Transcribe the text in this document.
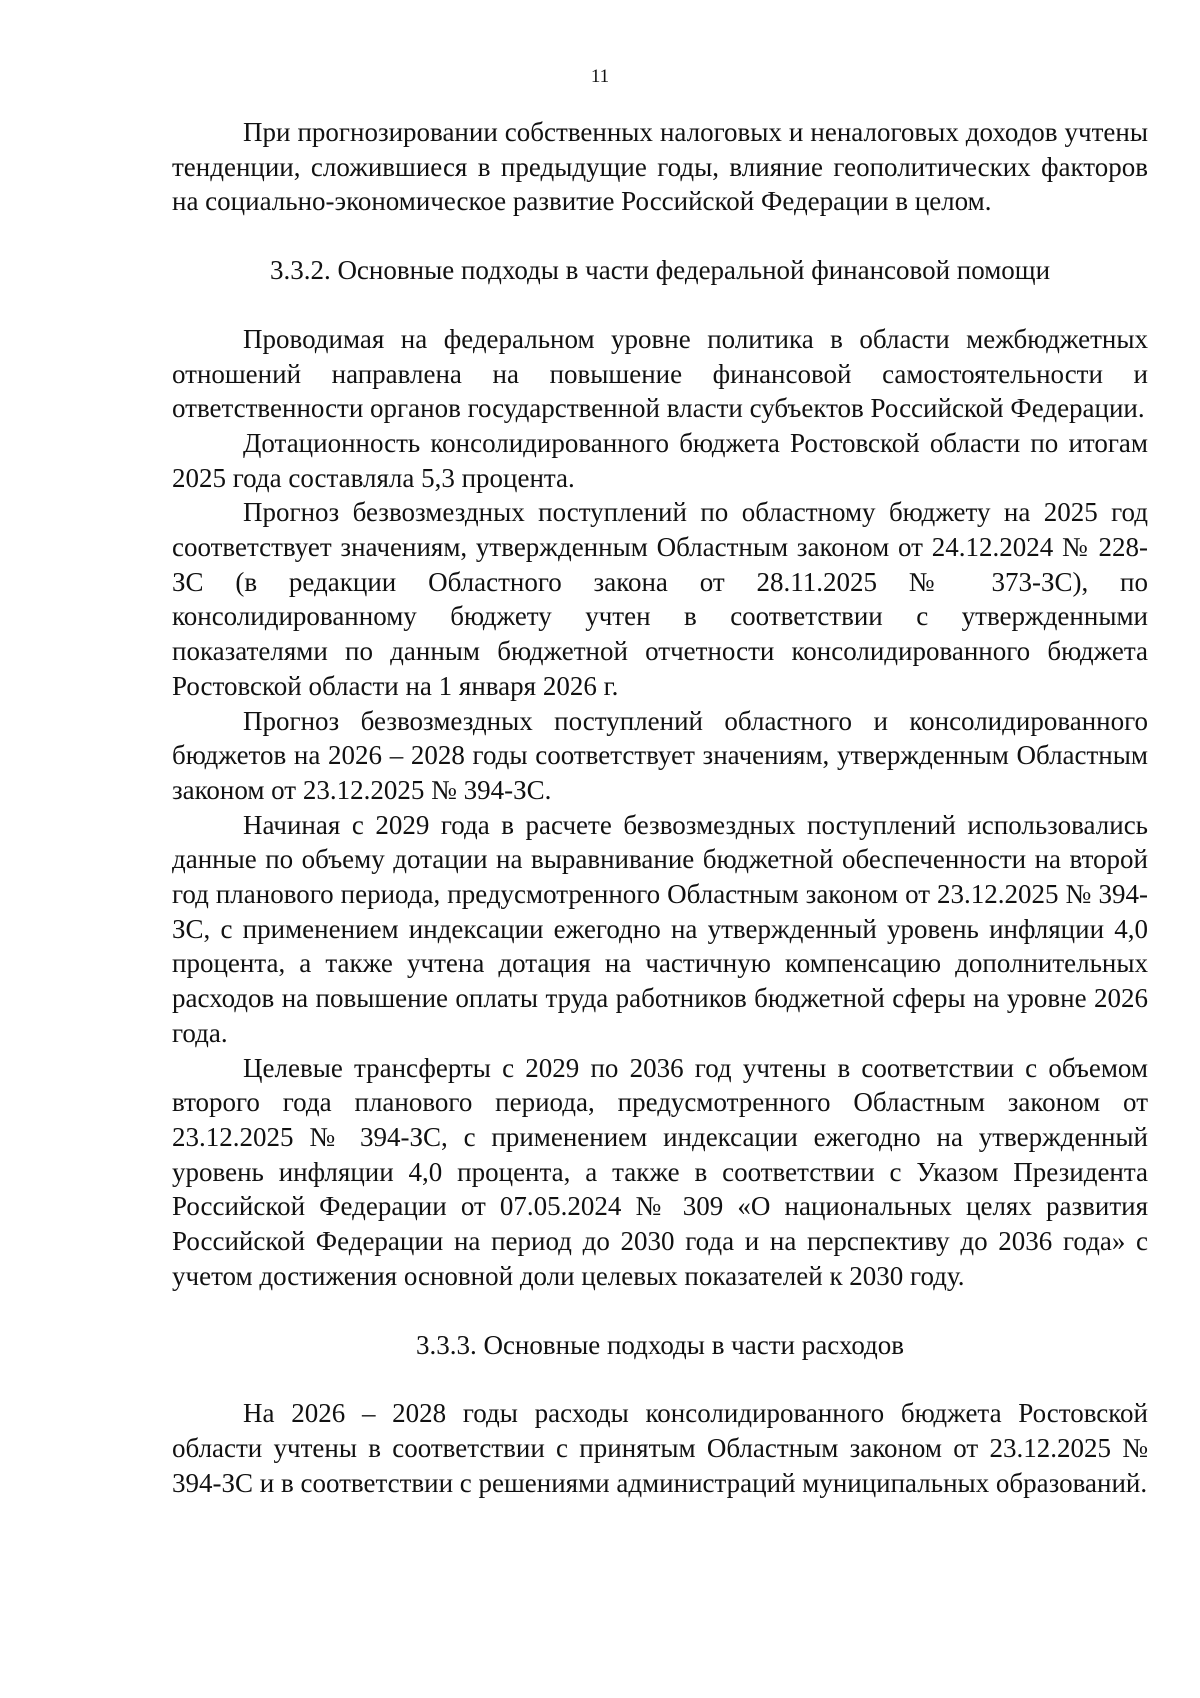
11

При прогнозировании собственных налоговых и неналоговых доходов учтены тенденции, сложившиеся в предыдущие годы, влияние геополитических факторов на социально-экономическое развитие Российской Федерации в целом.

3.3.2. Основные подходы в части федеральной финансовой помощи

Проводимая на федеральном уровне политика в области межбюджетных отношений направлена на повышение финансовой самостоятельности и ответственности органов государственной власти субъектов Российской Федерации.

Дотационность консолидированного бюджета Ростовской области по итогам 2025 года составляла 5,3 процента.

Прогноз безвозмездных поступлений по областному бюджету на 2025 год соответствует значениям, утвержденным Областным законом от 24.12.2024 № 228-ЗС (в редакции Областного закона от 28.11.2025 № 373-ЗС), по консолидированному бюджету учтен в соответствии с утвержденными показателями по данным бюджетной отчетности консолидированного бюджета Ростовской области на 1 января 2026 г.

Прогноз безвозмездных поступлений областного и консолидированного бюджетов на 2026 – 2028 годы соответствует значениям, утвержденным Областным законом от 23.12.2025 № 394-ЗС.

Начиная с 2029 года в расчете безвозмездных поступлений использовались данные по объему дотации на выравнивание бюджетной обеспеченности на второй год планового периода, предусмотренного Областным законом от 23.12.2025 № 394-ЗС, с применением индексации ежегодно на утвержденный уровень инфляции 4,0 процента, а также учтена дотация на частичную компенсацию дополнительных расходов на повышение оплаты труда работников бюджетной сферы на уровне 2026 года.

Целевые трансферты с 2029 по 2036 год учтены в соответствии с объемом второго года планового периода, предусмотренного Областным законом от 23.12.2025 № 394-ЗС, с применением индексации ежегодно на утвержденный уровень инфляции 4,0 процента, а также в соответствии с Указом Президента Российской Федерации от 07.05.2024 № 309 «О национальных целях развития Российской Федерации на период до 2030 года и на перспективу до 2036 года» с учетом достижения основной доли целевых показателей к 2030 году.

3.3.3. Основные подходы в части расходов

На 2026 – 2028 годы расходы консолидированного бюджета Ростовской области учтены в соответствии с принятым Областным законом от 23.12.2025 № 394-ЗС и в соответствии с решениями администраций муниципальных образований.
